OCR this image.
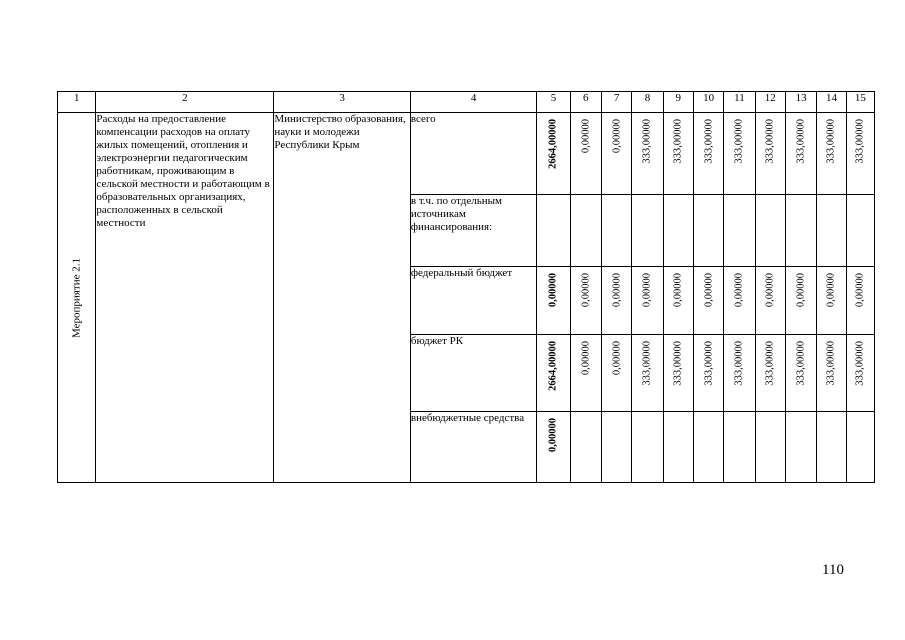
1	2	3	4	5	6	7	8	9	10	11	12	13	14	15

Мероприятие 2.1	Расходы на предоставление компенсации расходов на оплату жилых помещений, отопления и электроэнергии педагогическим работникам, проживающим в сельской местности и работающим в образовательных организациях, расположенных в сельской местности	Министерство образования, науки и молодежи Республики Крым	всего	2664,00000	0,00000	0,00000	333,00000	333,00000	333,00000	333,00000	333,00000	333,00000	333,00000	333,00000

			в т.ч. по отдельным источникам финансирования:											
			федеральный бюджет	0,00000	0,00000	0,00000	0,00000	0,00000	0,00000	0,00000	0,00000	0,00000	0,00000	0,00000

			бюджет РК	2664,00000	0,00000	0,00000	333,00000	333,00000	333,00000	333,00000	333,00000	333,00000	333,00000	333,00000

			внебюджетные средства	0,00000										

110
